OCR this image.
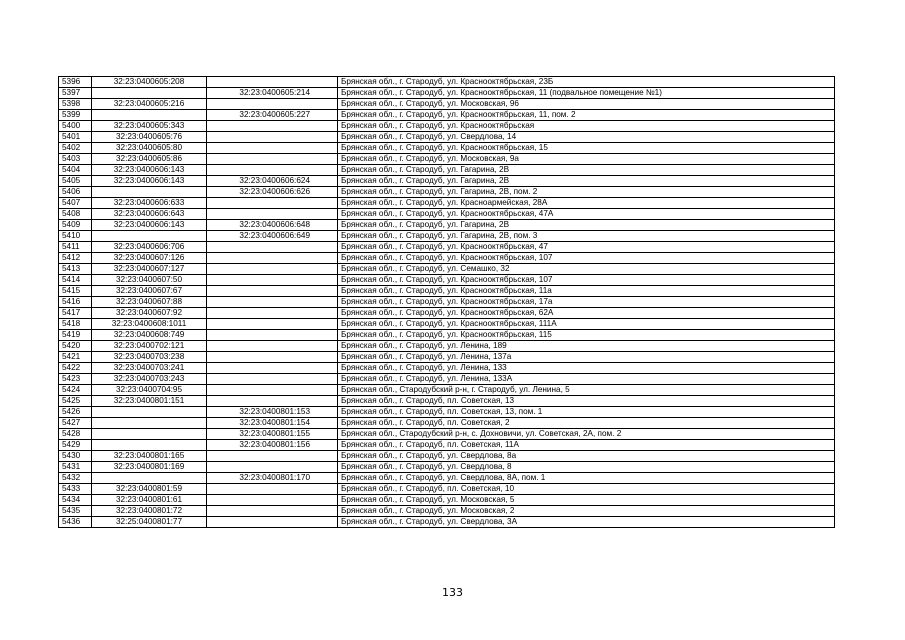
5396	32:23:0400605:208		Брянская обл., г. Стародуб, ул. Краснооктябрьская, 23Б
5397		32:23:0400605:214	Брянская обл., г. Стародуб, ул. Краснооктябрьская, 11 (подвальное помещение №1)
5398	32:23:0400605:216		Брянская обл., г. Стародуб, ул. Московская, 96
5399		32:23:0400605:227	Брянская обл., г. Стародуб, ул. Краснооктябрьская, 11, пом. 2
5400	32:23:0400605:343		Брянская обл., г. Стародуб, ул. Краснооктябрьская
5401	32:23:0400605:76		Брянская обл., г. Стародуб, ул. Свердлова, 14
5402	32:23:0400605:80		Брянская обл., г. Стародуб, ул. Краснооктябрьская, 15
5403	32:23:0400605:86		Брянская обл., г. Стародуб, ул. Московская, 9а
5404	32:23:0400606:143		Брянская обл., г. Стародуб, ул. Гагарина, 2В
5405	32:23:0400606:143	32:23:0400606:624	Брянская обл., г. Стародуб, ул. Гагарина, 2В
5406		32:23:0400606:626	Брянская обл., г. Стародуб, ул. Гагарина, 2В, пом. 2
5407	32:23:0400606:633		Брянская обл., г. Стародуб, ул. Красноармейская, 28А
5408	32:23:0400606:643		Брянская обл., г. Стародуб, ул. Краснооктябрьская, 47А
5409	32:23:0400606:143	32:23:0400606:648	Брянская обл., г. Стародуб, ул. Гагарина, 2В
5410		32:23:0400606:649	Брянская обл., г. Стародуб, ул. Гагарина, 2В, пом. 3
5411	32:23:0400606:706		Брянская обл., г. Стародуб, ул. Краснооктябрьская, 47
5412	32:23:0400607:126		Брянская обл., г. Стародуб, ул. Краснооктябрьская, 107
5413	32:23:0400607:127		Брянская обл., г. Стародуб, ул. Семашко, 32
5414	32:23:0400607:50		Брянская обл., г. Стародуб, ул. Краснооктябрьская, 107
5415	32:23:0400607:67		Брянская обл., г. Стародуб, ул. Краснооктябрьская, 11а
5416	32:23:0400607:88		Брянская обл., г. Стародуб, ул. Краснооктябрьская, 17а
5417	32:23:0400607:92		Брянская обл., г. Стародуб, ул. Краснооктябрьская, 62А
5418	32:23:0400608:1011		Брянская обл., г. Стародуб, ул. Краснооктябрьская, 111А
5419	32:23:0400608:749		Брянская обл., г. Стародуб, ул. Краснооктябрьская, 115
5420	32:23:0400702:121		Брянская обл., г. Стародуб, ул. Ленина, 189
5421	32:23:0400703:238		Брянская обл., г. Стародуб, ул. Ленина, 137а
5422	32:23:0400703:241		Брянская обл., г. Стародуб, ул. Ленина, 133
5423	32:23:0400703:243		Брянская обл., г. Стародуб, ул. Ленина, 133А
5424	32:23:0400704:95		Брянская обл., Стародубский р-н, г. Стародуб, ул. Ленина, 5
5425	32:23:0400801:151		Брянская обл., г. Стародуб, пл. Советская, 13
5426		32:23:0400801:153	Брянская обл., г. Стародуб, пл. Советская, 13, пом. 1
5427		32:23:0400801:154	Брянская обл., г. Стародуб, пл. Советская, 2
5428		32:23:0400801:155	Брянская обл., Стародубский р-н, с. Дохновичи, ул. Советская, 2А, пом. 2
5429		32:23:0400801:156	Брянская обл., г. Стародуб, пл. Советская, 11А
5430	32:23:0400801:165		Брянская обл., г. Стародуб, ул. Свердлова, 8а
5431	32:23:0400801:169		Брянская обл., г. Стародуб, ул. Свердлова, 8
5432		32:23:0400801:170	Брянская обл., г. Стародуб, ул. Свердлова, 8А, пом. 1
5433	32:23:0400801:59		Брянская обл., г. Стародуб, пл. Советская, 10
5434	32:23:0400801:61		Брянская обл., г. Стародуб, ул. Московская, 5
5435	32:23:0400801:72		Брянская обл., г. Стародуб, ул. Московская, 2
5436	32:25:0400801:77		Брянская обл., г. Стародуб, ул. Свердлова, 3А
133
